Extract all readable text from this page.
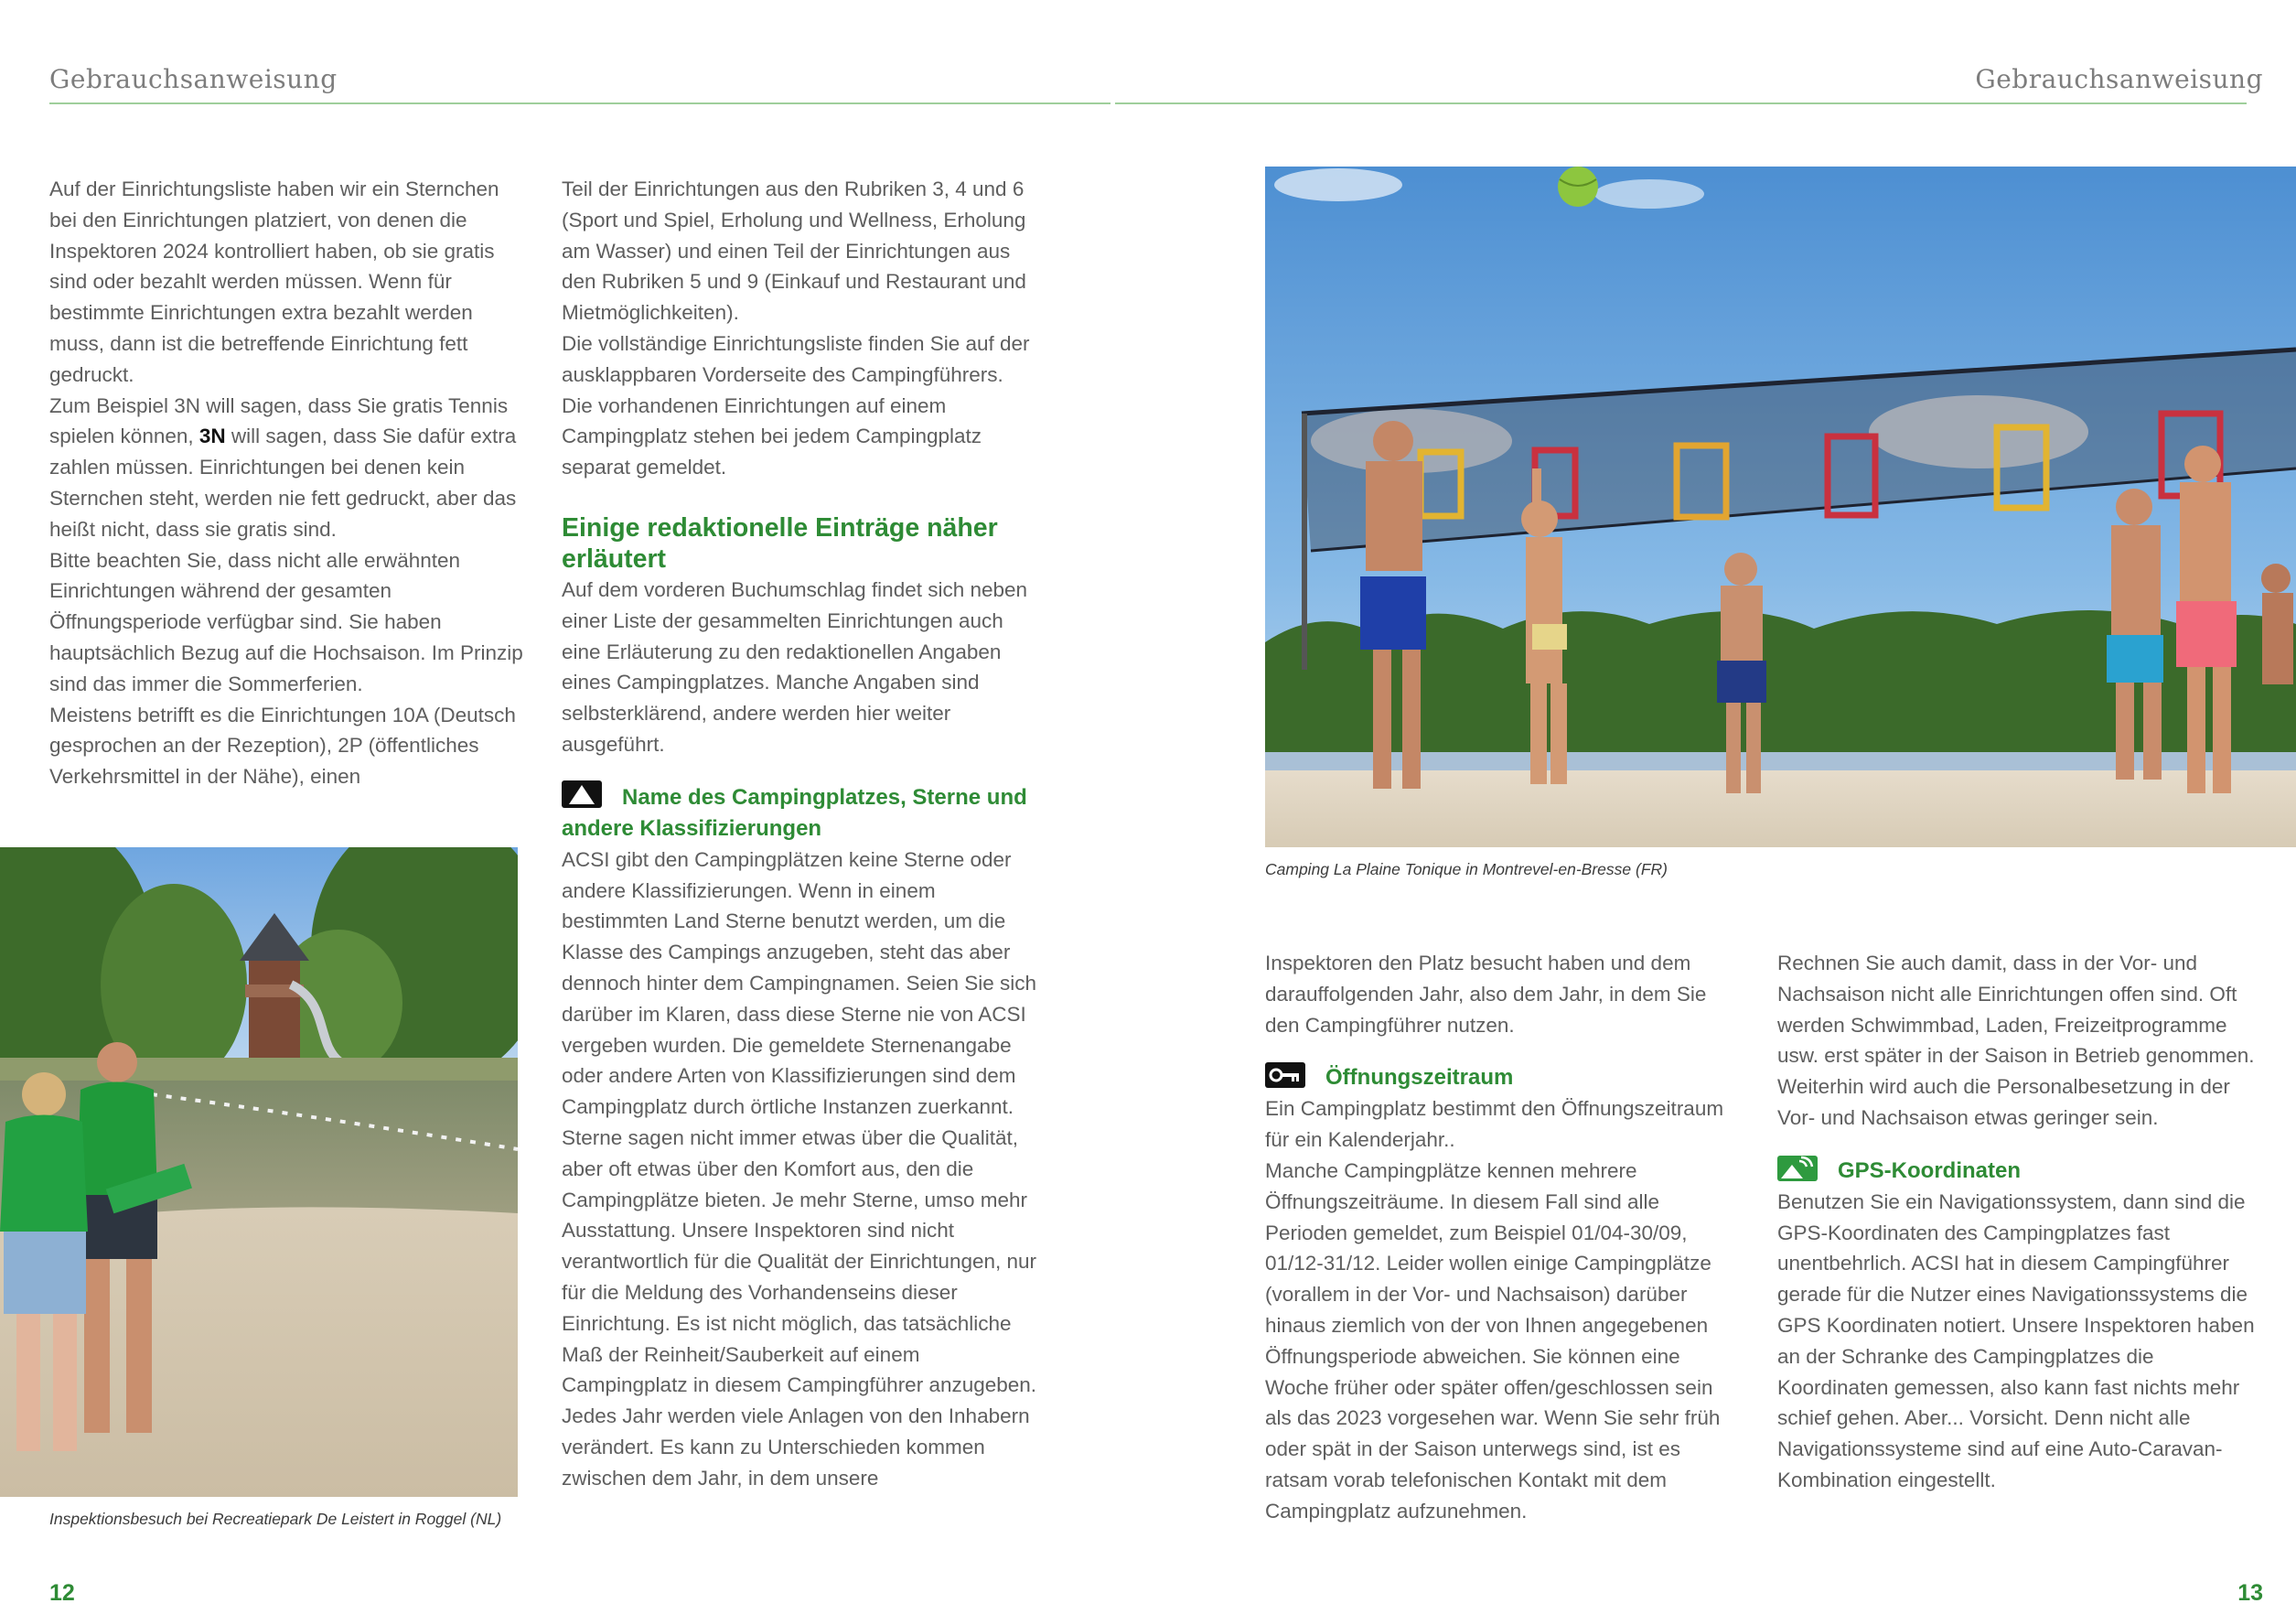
Gebrauchsanweisung

Auf der Einrichtungsliste haben wir ein Sternchen bei den Einrichtungen platziert, von denen die Inspektoren 2024 kontrolliert haben, ob sie gratis sind oder bezahlt werden müssen. Wenn für bestimmte Einrichtungen extra bezahlt werden muss, dann ist die betreffende Einrichtung fett gedruckt.

Zum Beispiel 3N will sagen, dass Sie gratis Tennis spielen können, 3N will sagen, dass Sie dafür extra zahlen müssen. Einrichtungen bei denen kein Sternchen steht, werden nie fett gedruckt, aber das heißt nicht, dass sie gratis sind.

Bitte beachten Sie, dass nicht alle erwähnten Einrichtungen während der gesamten Öffnungsperiode verfügbar sind. Sie haben hauptsächlich Bezug auf die Hochsaison. Im Prinzip sind das immer die Sommerferien.

Meistens betrifft es die Einrichtungen 10A (Deutsch gesprochen an der Rezeption), 2P (öffentliches Verkehrsmittel in der Nähe), einen

Inspektionsbesuch bei Recreatiepark De Leistert in Roggel (NL)

Teil der Einrichtungen aus den Rubriken 3, 4 und 6 (Sport und Spiel, Erholung und Wellness, Erholung am Wasser) und einen Teil der Einrichtungen aus den Rubriken 5 und 9 (Einkauf und Restaurant und Mietmöglichkeiten).

Die vollständige Einrichtungsliste finden Sie auf der ausklappbaren Vorderseite des Campingführers. Die vorhandenen Einrichtungen auf einem Campingplatz stehen bei jedem Campingplatz separat gemeldet.

Einige redaktionelle Einträge näher erläutert

Auf dem vorderen Buchumschlag findet sich neben einer Liste der gesammelten Einrichtungen auch eine Erläuterung zu den redaktionellen Angaben eines Campingplatzes. Manche Angaben sind selbsterklärend, andere werden hier weiter ausgeführt.

Name des Campingplatzes, Sterne und andere Klassifizierungen

ACSI gibt den Campingplätzen keine Sterne oder andere Klassifizierungen. Wenn in einem bestimmten Land Sterne benutzt werden, um die Klasse des Campings anzugeben, steht das aber dennoch hinter dem Campingnamen. Seien Sie sich darüber im Klaren, dass diese Sterne nie von ACSI vergeben wurden. Die gemeldete Sternenangabe oder andere Arten von Klassifizierungen sind dem Campingplatz durch örtliche Instanzen zuerkannt. Sterne sagen nicht immer etwas über die Qualität, aber oft etwas über den Komfort aus, den die Campingplätze bieten. Je mehr Sterne, umso mehr Ausstattung. Unsere Inspektoren sind nicht verantwortlich für die Qualität der Einrichtungen, nur für die Meldung des Vorhandenseins dieser Einrichtung. Es ist nicht möglich, das tatsächliche Maß der Reinheit/Sauberkeit auf einem Campingplatz in diesem Campingführer anzugeben.

Jedes Jahr werden viele Anlagen von den Inhabern verändert. Es kann zu Unterschieden kommen zwischen dem Jahr, in dem unsere

12
Gebrauchsanweisung
Camping La Plaine Tonique in Montrevel-en-Bresse (FR)

Inspektoren den Platz besucht haben und dem darauffolgenden Jahr, also dem Jahr, in dem Sie den Campingführer nutzen.

Öffnungszeitraum

Ein Campingplatz bestimmt den Öffnungszeitraum für ein Kalenderjahr..

Manche Campingplätze kennen mehrere Öffnungszeiträume. In diesem Fall sind alle Perioden gemeldet, zum Beispiel 01/04-30/09, 01/12-31/12. Leider wollen einige Campingplätze (vorallem in der Vor- und Nachsaison) darüber hinaus ziemlich von der von Ihnen angegebenen Öffnungsperiode abweichen. Sie können eine Woche früher oder später offen/geschlossen sein als das 2023 vorgesehen war. Wenn Sie sehr früh oder spät in der Saison unterwegs sind, ist es ratsam vorab telefonischen Kontakt mit dem Campingplatz aufzunehmen.

Rechnen Sie auch damit, dass in der Vor- und Nachsaison nicht alle Einrichtungen offen sind. Oft werden Schwimmbad, Laden, Freizeitprogramme usw. erst später in der Saison in Betrieb genommen. Weiterhin wird auch die Personalbesetzung in der Vor- und Nachsaison etwas geringer sein.

GPS-Koordinaten

Benutzen Sie ein Navigationssystem, dann sind die GPS-Koordinaten des Campingplatzes fast unentbehrlich. ACSI hat in diesem Campingführer gerade für die Nutzer eines Navigationssystems die GPS Koordinaten notiert. Unsere Inspektoren haben an der Schranke des Campingplatzes die Koordinaten gemessen, also kann fast nichts mehr schief gehen. Aber... Vorsicht. Denn nicht alle Navigationssysteme sind auf eine Auto-Caravan-Kombination eingestellt.

13
